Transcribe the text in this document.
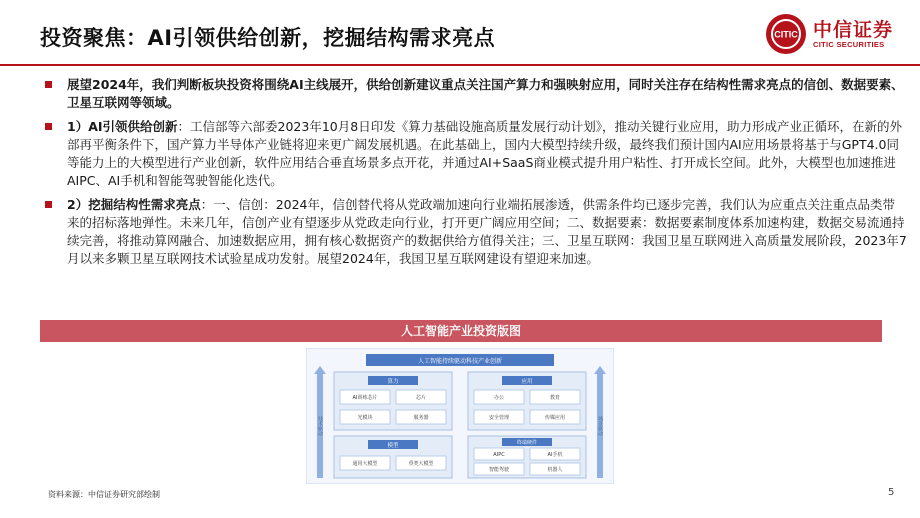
投资聚焦：AI引领供给创新，挖掘结构需求亮点	CITIC 中信证券
CITIC SECURITIES

展望2024年，我们判断板块投资将围绕AI主线展开，供给创新建议重点关注国产算力和强映射应用，同时关注存在结构性需求亮点的信创、数据要素、卫星互联网等领域。

1）AI引领供给创新：工信部等六部委2023年10月8日印发《算力基础设施高质量发展行动计划》，推动关键行业应用，助力形成产业正循环，在新的外部再平衡条件下，国产算力半导体产业链将迎来更广阔发展机遇。在此基础上，国内大模型持续升级，最终我们预计国内AI应用场景将基于与GPT4.0同等能力上的大模型进行产业创新，软件应用结合垂直场景多点开花，并通过AI+SaaS商业模式提升用户粘性、打开成长空间。此外，大模型也加速推进AIPC、AI手机和智能驾驶智能化迭代。

2）挖掘结构性需求亮点：一、信创：2024年，信创替代将从党政端加速向行业端拓展渗透，供需条件均已逐步完善，我们认为应重点关注重点品类带来的招标落地弹性。未来几年，信创产业有望逐步从党政走向行业，打开更广阔应用空间；二、数据要素：数据要素制度体系加速构建，数据交易流通持续完善，将推动算网融合、加速数据应用，拥有核心数据资产的数据供给方值得关注；三、卫星互联网：我国卫星互联网进入高质量发展阶段，2023年7月以来多颗卫星互联网技术试验星成功发射。展望2024年，我国卫星互联网建设有望迎来加速。

人工智能产业投资版图
人工智能持续驱动科技产业创新
技术驱动	场景驱动
算力
AI训练芯片	芯片
光模块	服务器
应用
办公	教育
安全管理	传媒应用
模型
通用大模型	垂类大模型
终端硬件
AIPC	AI手机
智能驾驶	机器人
资料来源：中信证券研究部绘制	5
